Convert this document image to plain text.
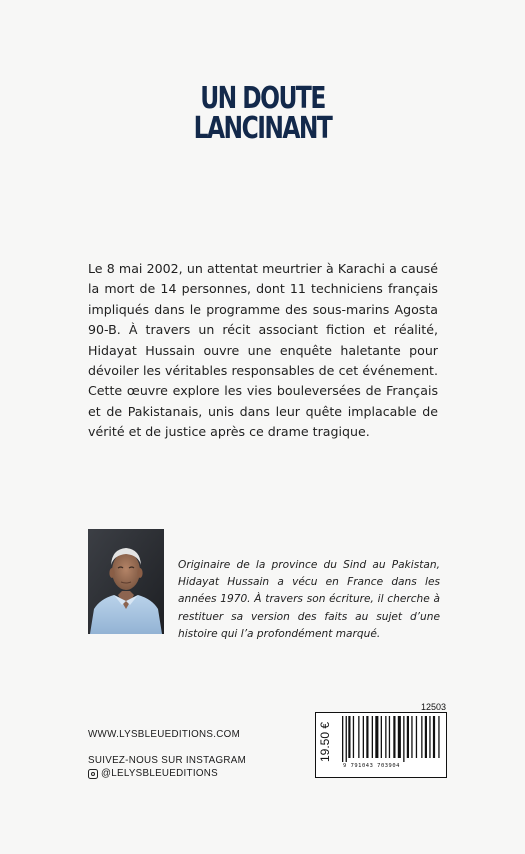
UN DOUTE
LANCINANT

Le 8 mai 2002, un attentat meurtrier à Karachi a causé la mort de 14 personnes, dont 11 techniciens français impliqués dans le programme des sous-marins Agosta 90-B. À travers un récit associant fiction et réalité, Hidayat Hussain ouvre une enquête haletante pour dévoiler les véritables responsables de cet événement. Cette œuvre explore les vies bouleversées de Français et de Pakistanais, unis dans leur quête implacable de vérité et de justice après ce drame tragique.

Originaire de la province du Sind au Pakistan, Hidayat Hussain a vécu en France dans les années 1970. À travers son écriture, il cherche à restituer sa version des faits au sujet d’une histoire qui l’a profondément marqué.

WWW.LYSBLEUEDITIONS.COM
SUIVEZ-NOUS SUR INSTAGRAM
@LELYSBLEUEDITIONS
12503
19.50 €
9 791043 703904
